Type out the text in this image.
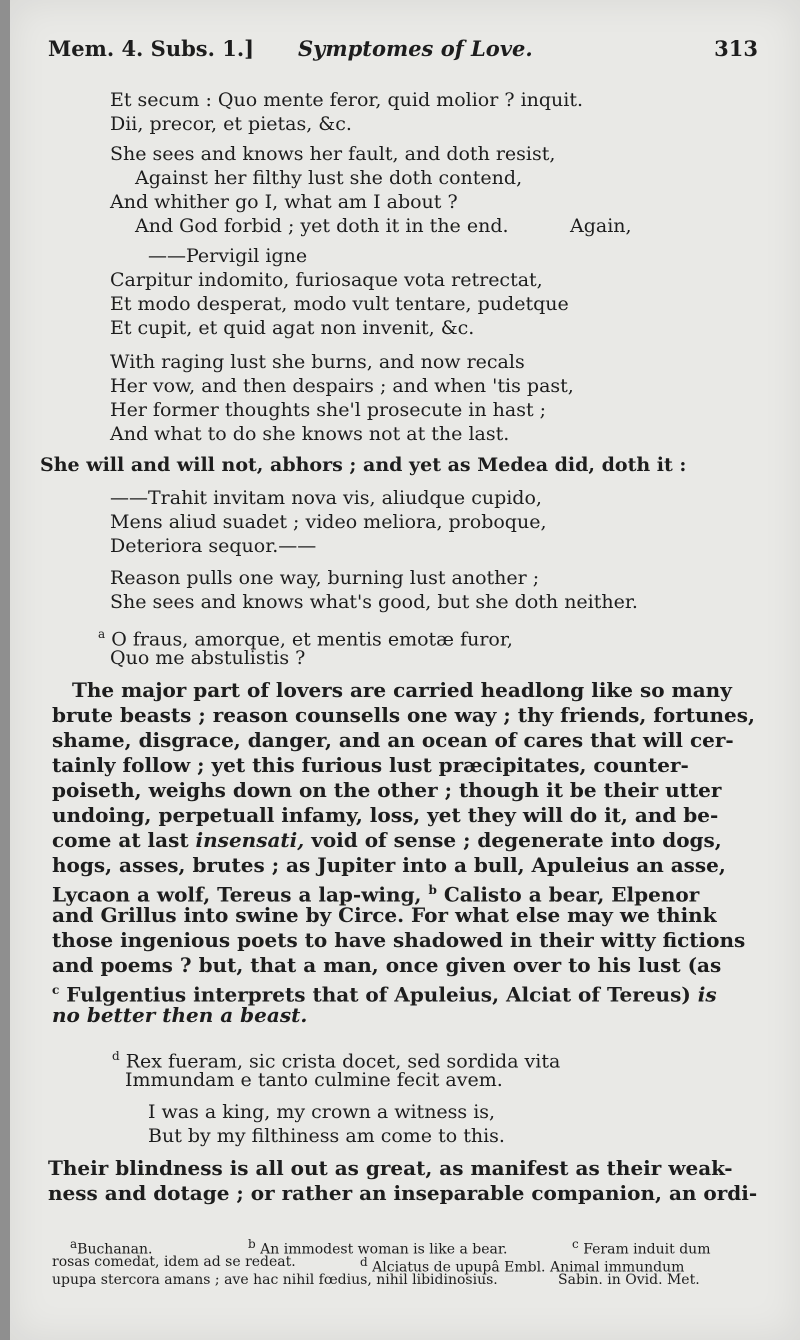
Mem. 4. Subs. 1.] Symptomes of Love.	313
Et secum : Quo mente feror, quid molior ? inquit.
Dii, precor, et pietas, &c.
She sees and knows her fault, and doth resist,
Against her filthy lust she doth contend,
And whither go I, what am I about ?
And God forbid ; yet doth it in the end.	Again,
——Pervigil igne
Carpitur indomito, furiosaque vota retrectat,
Et modo desperat, modo vult tentare, pudetque
Et cupit, et quid agat non invenit, &c.
With raging lust she burns, and now recals
Her vow, and then despairs ; and when 'tis past,
Her former thoughts she'l prosecute in hast ;
And what to do she knows not at the last.
She will and will not, abhors ; and yet as Medea did, doth it :
——Trahit invitam nova vis, aliudque cupido,
Mens aliud suadet ; video meliora, proboque,
Deteriora sequor.——
Reason pulls one way, burning lust another ;
She sees and knows what's good, but she doth neither.
$^a$ O fraus, amorque, et mentis emotæ furor,
Quo me abstulistis ?
The major part of lovers are carried headlong like so many
brute beasts ; reason counsells one way ; thy friends, fortunes,
shame, disgrace, danger, and an ocean of cares that will cer-
tainly follow ; yet this furious lust præcipitates, counter-
poiseth, weighs down on the other ; though it be their utter
undoing, perpetuall infamy, loss, yet they will do it, and be-
come at last insensati, void of sense ; degenerate into dogs,
hogs, asses, brutes ; as Jupiter into a bull, Apuleius an asse,
Lycaon a wolf, Tereus a lap-wing, $^b$ Calisto a bear, Elpenor
and Grillus into swine by Circe. For what else may we think
those ingenious poets to have shadowed in their witty fictions
and poems ? but, that a man, once given over to his lust (as
$^c$ Fulgentius interprets that of Apuleius, Alciat of Tereus) is
no better then a beast.
$^d$ Rex fueram, sic crista docet, sed sordida vita
Immundam e tanto culmine fecit avem.
I was a king, my crown a witness is,
But by my filthiness am come to this.
Their blindness is all out as great, as manifest as their weak-
ness and dotage ; or rather an inseparable companion, an ordi-
aBuchanan.	b An immodest woman is like a bear.	c Feram induit dum
rosas comedat, idem ad se redeat.	d Alciatus de upupâ Embl. Animal immundum
upupa stercora amans ; ave hac nihil fœdius, nihil libidinosius.	Sabin. in Ovid. Met.
